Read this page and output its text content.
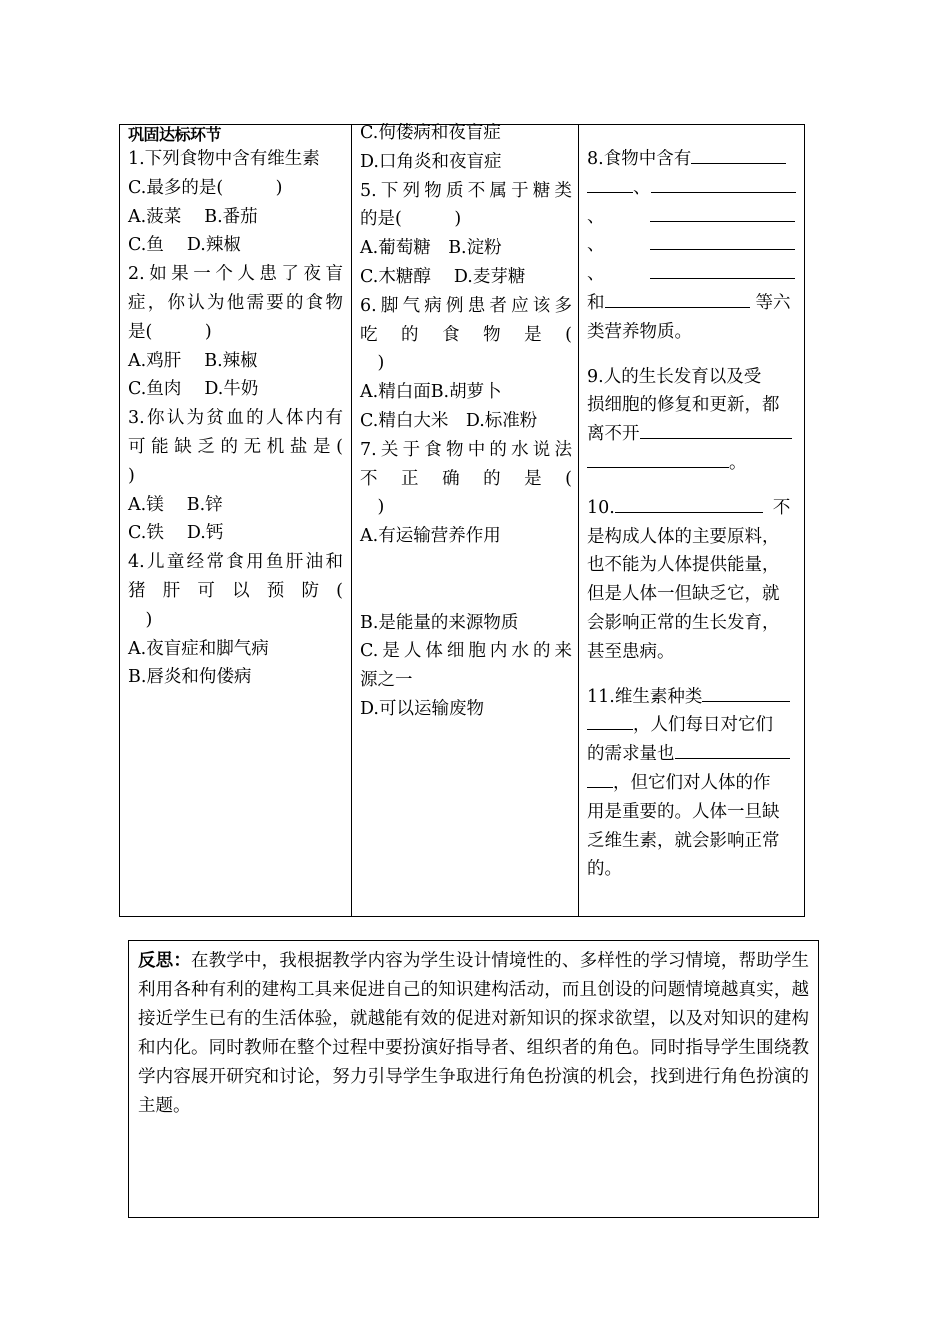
巩固达标环节
1.下列食物中含有维生素
C.最多的是(　　　)
A.菠菜　 B.番茄
C.鱼　 D.辣椒
2.如果一个人患了夜盲
症，你认为他需要的食物
是(　　　)
A.鸡肝　 B.辣椒
C.鱼肉　 D.牛奶
3.你认为贫血的人体内有
可能缺乏的无机盐是(
)
A.镁　 B.锌
C.铁　 D.钙
4.儿童经常食用鱼肝油和
猪肝可以预防(
　)
A.夜盲症和脚气病
B.唇炎和佝偻病
C.佝偻病和夜盲症
D.口角炎和夜盲症
5.下列物质不属于糖类
的是(　　　)
A.葡萄糖　B.淀粉
C.木糖醇　 D.麦芽糖
6.脚气病例患者应该多
吃的食物是(
　)
A.精白面B.胡萝卜
C.精白大米　D.标准粉
7.关于食物中的水说法
不正确的是(
　)
A.有运输营养作用

B.是能量的来源物质
C.是人体细胞内水的来
源之一
D.可以运输废物
8.食物中含有
、
、
、
、
和	等六
类营养物质。
9.人的生长发育以及受
损细胞的修复和更新，都
离不开
。
10.	不
是构成人体的主要原料，
也不能为人体提供能量，
但是人体一但缺乏它，就
会影响正常的生长发育，
甚至患病。
11.维生素种类
，人们每日对它们
的需求量也
，但它们对人体的作
用是重要的。人体一旦缺
乏维生素，就会影响正常
的。

反思：在教学中，我根据教学内容为学生设计情境性的、多样性的学习情境，帮助学生利用各种有利的建构工具来促进自己的知识建构活动，而且创设的问题情境越真实，越接近学生已有的生活体验，就越能有效的促进对新知识的探求欲望，以及对知识的建构和内化。同时教师在整个过程中要扮演好指导者、组织者的角色。同时指导学生围绕教学内容展开研究和讨论，努力引导学生争取进行角色扮演的机会，找到进行角色扮演的主题。
